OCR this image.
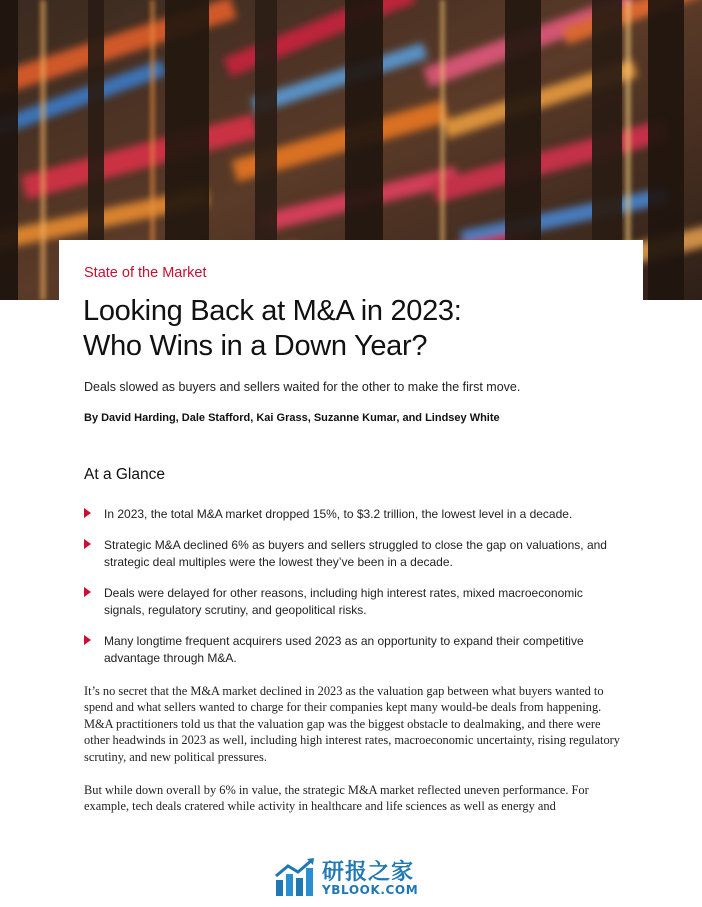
State of the Market
Looking Back at M&A in 2023:
Who Wins in a Down Year?
Deals slowed as buyers and sellers waited for the other to make the first move.
By David Harding, Dale Stafford, Kai Grass, Suzanne Kumar, and Lindsey White
At a Glance
In 2023, the total M&A market dropped 15%, to $3.2 trillion, the lowest level in a decade.
Strategic M&A declined 6% as buyers and sellers struggled to close the gap on valuations, and strategic deal multiples were the lowest they’ve been in a decade.
Deals were delayed for other reasons, including high interest rates, mixed macroeconomic signals, regulatory scrutiny, and geopolitical risks.
Many longtime frequent acquirers used 2023 as an opportunity to expand their competitive advantage through M&A.

It’s no secret that the M&A market declined in 2023 as the valuation gap between what buyers wanted to spend and what sellers wanted to charge for their companies kept many would-be deals from happening. M&A practitioners told us that the valuation gap was the biggest obstacle to dealmaking, and there were other headwinds in 2023 as well, including high interest rates, macroeconomic uncertainty, rising regulatory scrutiny, and new political pressures.

But while down overall by 6% in value, the strategic M&A market reflected uneven performance. For example, tech deals cratered while activity in healthcare and life sciences as well as energy and

研报之家
YBLOOK.COM
